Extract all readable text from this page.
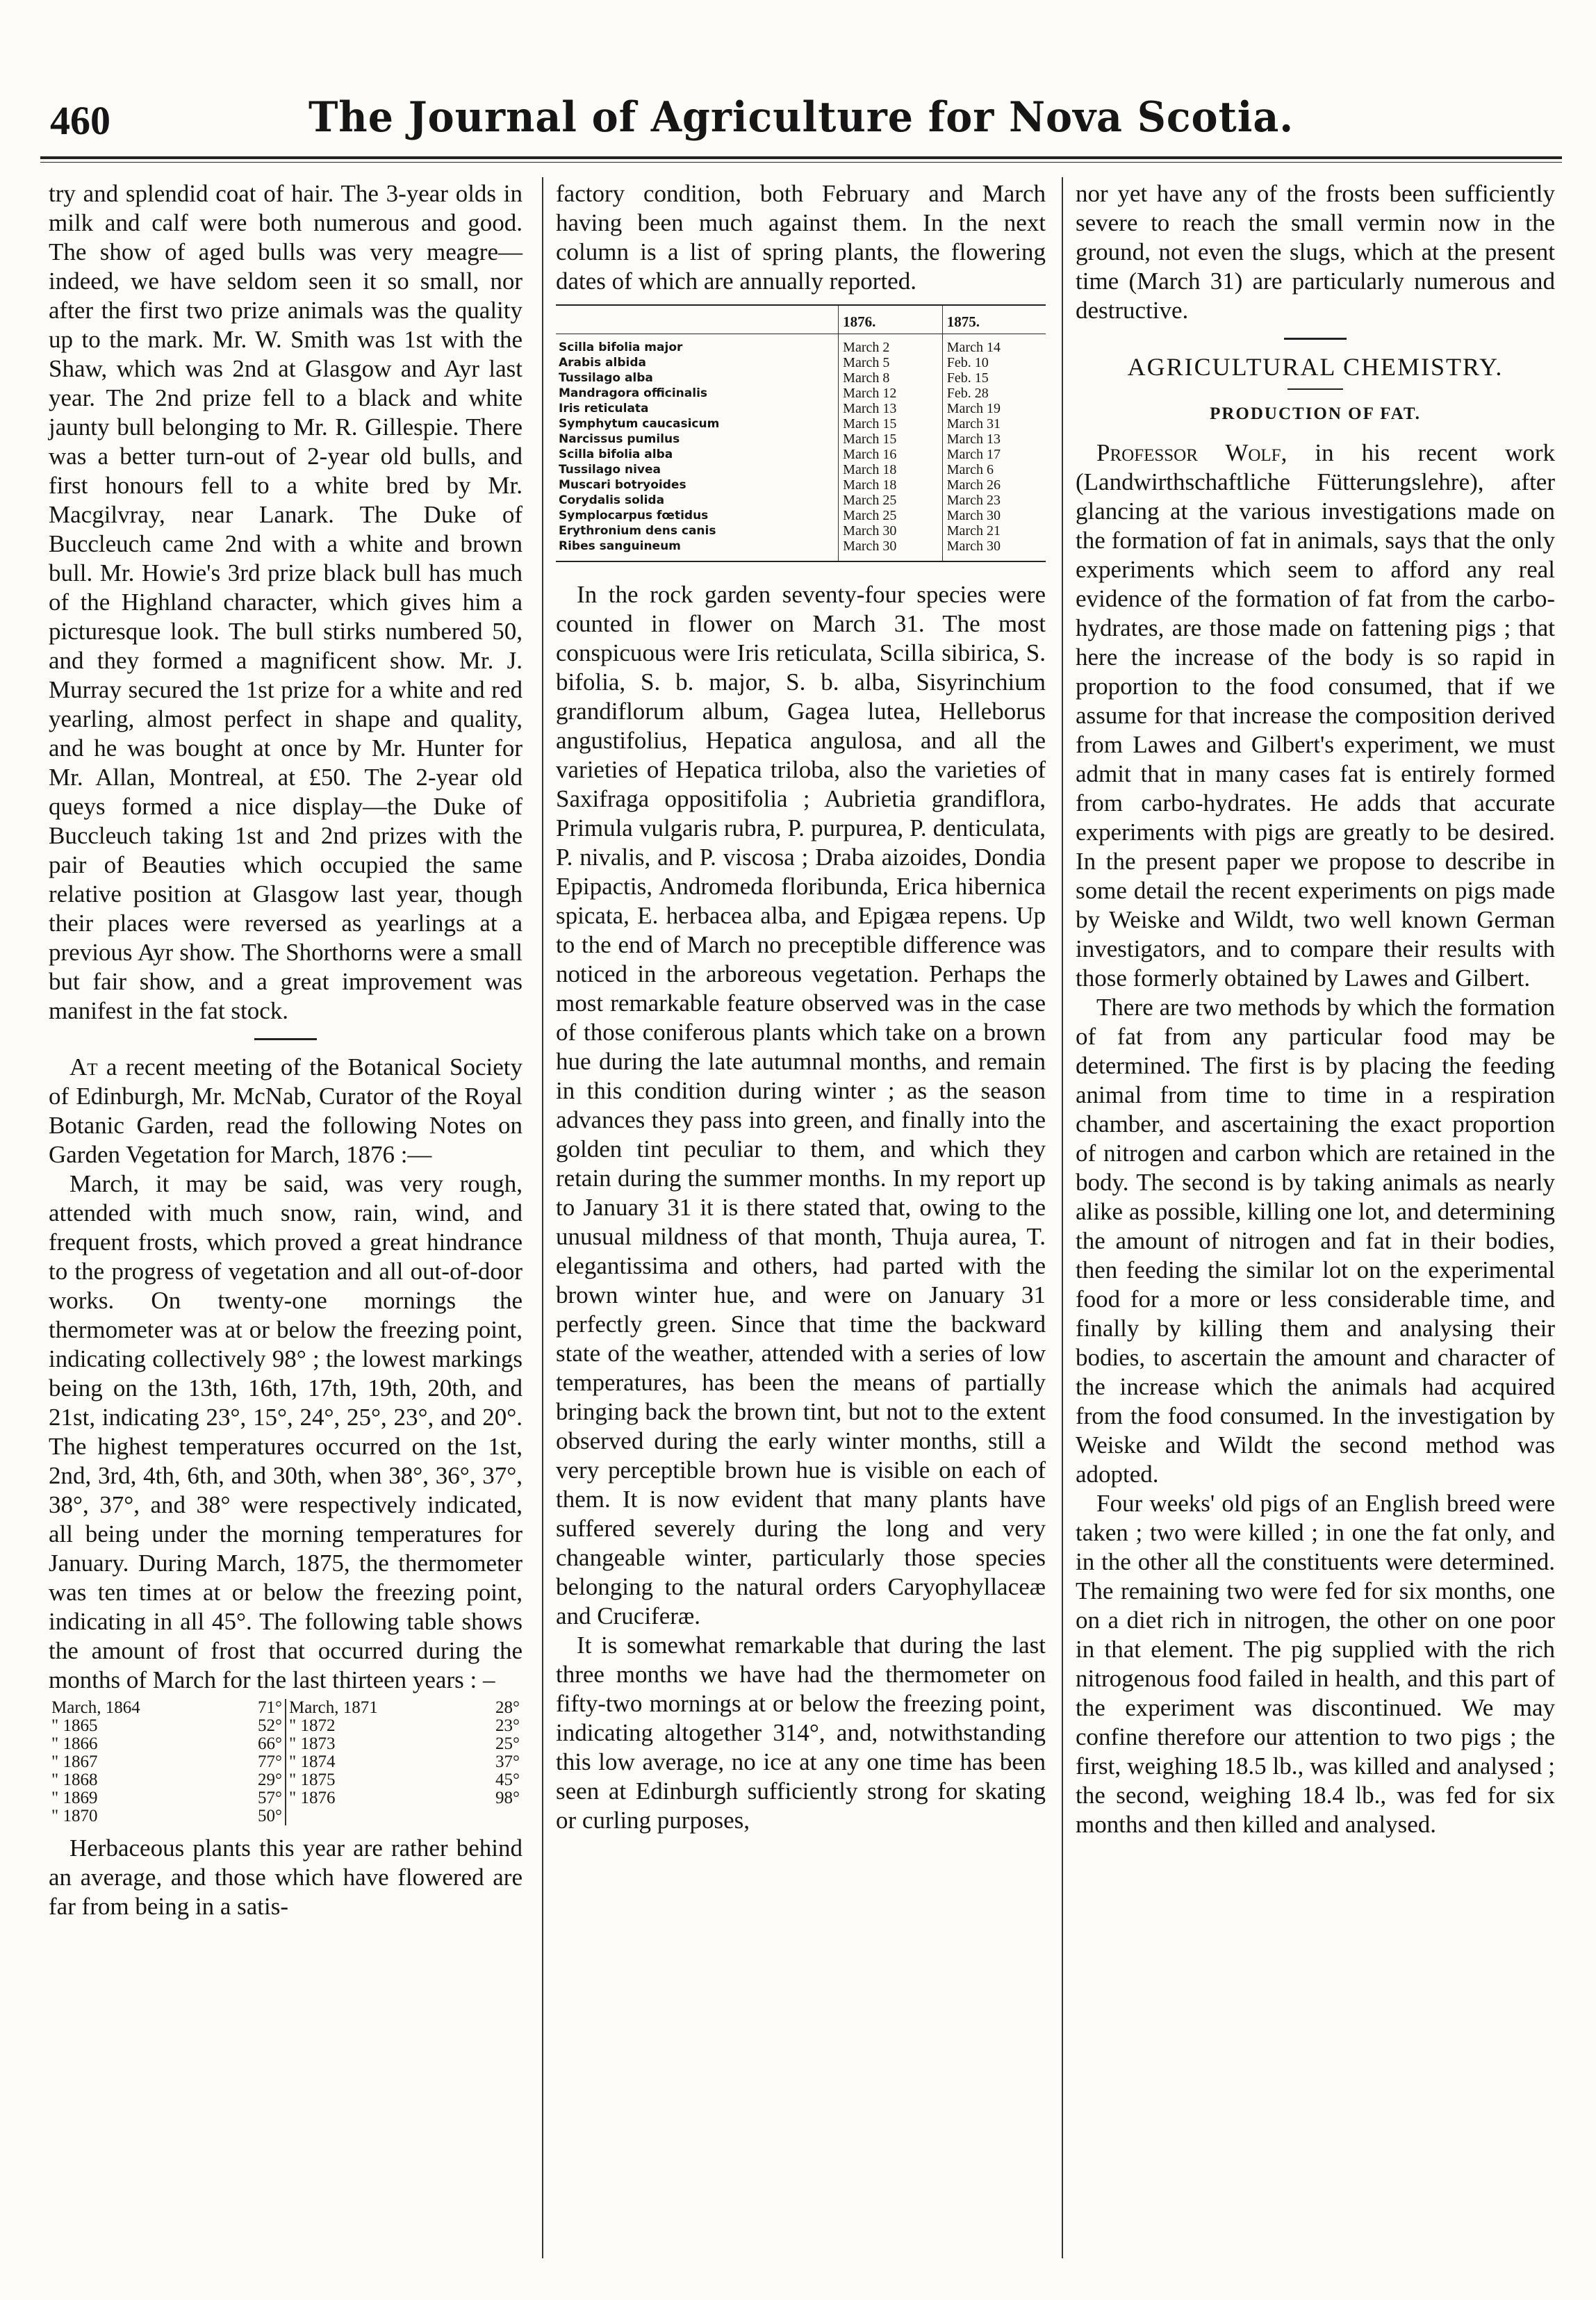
460	The Journal of Agriculture for Nova Scotia.

try and splendid coat of hair. The 3-year olds in milk and calf were both numerous and good. The show of aged bulls was very meagre—indeed, we have seldom seen it so small, nor after the first two prize animals was the quality up to the mark. Mr. W. Smith was 1st with the Shaw, which was 2nd at Glasgow and Ayr last year. The 2nd prize fell to a black and white jaunty bull belonging to Mr. R. Gillespie. There was a better turn-out of 2-year old bulls, and first honours fell to a white bred by Mr. Macgilvray, near Lanark. The Duke of Buccleuch came 2nd with a white and brown bull. Mr. Howie's 3rd prize black bull has much of the Highland character, which gives him a picturesque look. The bull stirks numbered 50, and they formed a magnificent show. Mr. J. Murray secured the 1st prize for a white and red yearling, almost perfect in shape and quality, and he was bought at once by Mr. Hunter for Mr. Allan, Montreal, at £50. The 2-year old queys formed a nice display—the Duke of Buccleuch taking 1st and 2nd prizes with the pair of Beauties which occupied the same relative position at Glasgow last year, though their places were reversed as yearlings at a previous Ayr show. The Shorthorns were a small but fair show, and a great improvement was manifest in the fat stock.

At a recent meeting of the Botanical Society of Edinburgh, Mr. McNab, Curator of the Royal Botanic Garden, read the following Notes on Garden Vegetation for March, 1876 :—

March, it may be said, was very rough, attended with much snow, rain, wind, and frequent frosts, which proved a great hindrance to the progress of vegetation and all out-of-door works. On twenty-one mornings the thermometer was at or below the freezing point, indicating collectively 98° ; the lowest markings being on the 13th, 16th, 17th, 19th, 20th, and 21st, indicating 23°, 15°, 24°, 25°, 23°, and 20°. The highest temperatures occurred on the 1st, 2nd, 3rd, 4th, 6th, and 30th, when 38°, 36°, 37°, 38°, 37°, and 38° were respectively indicated, all being under the morning temperatures for January. During March, 1875, the thermometer was ten times at or below the freezing point, indicating in all 45°. The following table shows the amount of frost that occurred during the months of March for the last thirteen years : –

March, 1864	71°	March, 1871	28°
" 1865	52°	" 1872	23°
" 1866	66°	" 1873	25°
" 1867	77°	" 1874	37°
" 1868	29°	" 1875	45°
" 1869	57°	" 1876	98°
" 1870	50°		

Herbaceous plants this year are rather behind an average, and those which have flowered are far from being in a satis-

factory condition, both February and March having been much against them. In the next column is a list of spring plants, the flowering dates of which are annually reported.

	1876.	1875.
Scilla bifolia major	March 2	March 14
Arabis albida	March 5	Feb. 10
Tussilago alba	March 8	Feb. 15
Mandragora officinalis	March 12	Feb. 28
Iris reticulata	March 13	March 19
Symphytum caucasicum	March 15	March 31
Narcissus pumilus	March 15	March 13
Scilla bifolia alba	March 16	March 17
Tussilago nivea	March 18	March 6
Muscari botryoides	March 18	March 26
Corydalis solida	March 25	March 23
Symplocarpus fœtidus	March 25	March 30
Erythronium dens canis	March 30	March 21
Ribes sanguineum	March 30	March 30

In the rock garden seventy-four species were counted in flower on March 31. The most conspicuous were Iris reticulata, Scilla sibirica, S. bifolia, S. b. major, S. b. alba, Sisyrinchium grandiflorum album, Gagea lutea, Helleborus angustifolius, Hepatica angulosa, and all the varieties of Hepatica triloba, also the varieties of Saxifraga oppositifolia ; Aubrietia grandiflora, Primula vulgaris rubra, P. purpurea, P. denticulata, P. nivalis, and P. viscosa ; Draba aizoides, Dondia Epipactis, Andromeda floribunda, Erica hibernica spicata, E. herbacea alba, and Epigæa repens. Up to the end of March no preceptible difference was noticed in the arboreous vegetation. Perhaps the most remarkable feature observed was in the case of those coniferous plants which take on a brown hue during the late autumnal months, and remain in this condition during winter ; as the season advances they pass into green, and finally into the golden tint peculiar to them, and which they retain during the summer months. In my report up to January 31 it is there stated that, owing to the unusual mildness of that month, Thuja aurea, T. elegantissima and others, had parted with the brown winter hue, and were on January 31 perfectly green. Since that time the backward state of the weather, attended with a series of low temperatures, has been the means of partially bringing back the brown tint, but not to the extent observed during the early winter months, still a very perceptible brown hue is visible on each of them. It is now evident that many plants have suffered severely during the long and very changeable winter, particularly those species belonging to the natural orders Caryophyllaceæ and Cruciferæ.

It is somewhat remarkable that during the last three months we have had the thermometer on fifty-two mornings at or below the freezing point, indicating altogether 314°, and, notwithstanding this low average, no ice at any one time has been seen at Edinburgh sufficiently strong for skating or curling purposes,

nor yet have any of the frosts been sufficiently severe to reach the small vermin now in the ground, not even the slugs, which at the present time (March 31) are particularly numerous and destructive.

AGRICULTURAL CHEMISTRY.
PRODUCTION OF FAT.

Professor Wolf, in his recent work (Landwirthschaftliche Fütterungslehre), after glancing at the various investigations made on the formation of fat in animals, says that the only experiments which seem to afford any real evidence of the formation of fat from the carbo-hydrates, are those made on fattening pigs ; that here the increase of the body is so rapid in proportion to the food consumed, that if we assume for that increase the composition derived from Lawes and Gilbert's experiment, we must admit that in many cases fat is entirely formed from carbo-hydrates. He adds that accurate experiments with pigs are greatly to be desired. In the present paper we propose to describe in some detail the recent experiments on pigs made by Weiske and Wildt, two well known German investigators, and to compare their results with those formerly obtained by Lawes and Gilbert.

There are two methods by which the formation of fat from any particular food may be determined. The first is by placing the feeding animal from time to time in a respiration chamber, and ascertaining the exact proportion of nitrogen and carbon which are retained in the body. The second is by taking animals as nearly alike as possible, killing one lot, and determining the amount of nitrogen and fat in their bodies, then feeding the similar lot on the experimental food for a more or less considerable time, and finally by killing them and analysing their bodies, to ascertain the amount and character of the increase which the animals had acquired from the food consumed. In the investigation by Weiske and Wildt the second method was adopted.

Four weeks' old pigs of an English breed were taken ; two were killed ; in one the fat only, and in the other all the constituents were determined. The remaining two were fed for six months, one on a diet rich in nitrogen, the other on one poor in that element. The pig supplied with the rich nitrogenous food failed in health, and this part of the experiment was discontinued. We may confine therefore our attention to two pigs ; the first, weighing 18.5 lb., was killed and analysed ; the second, weighing 18.4 lb., was fed for six months and then killed and analysed.
